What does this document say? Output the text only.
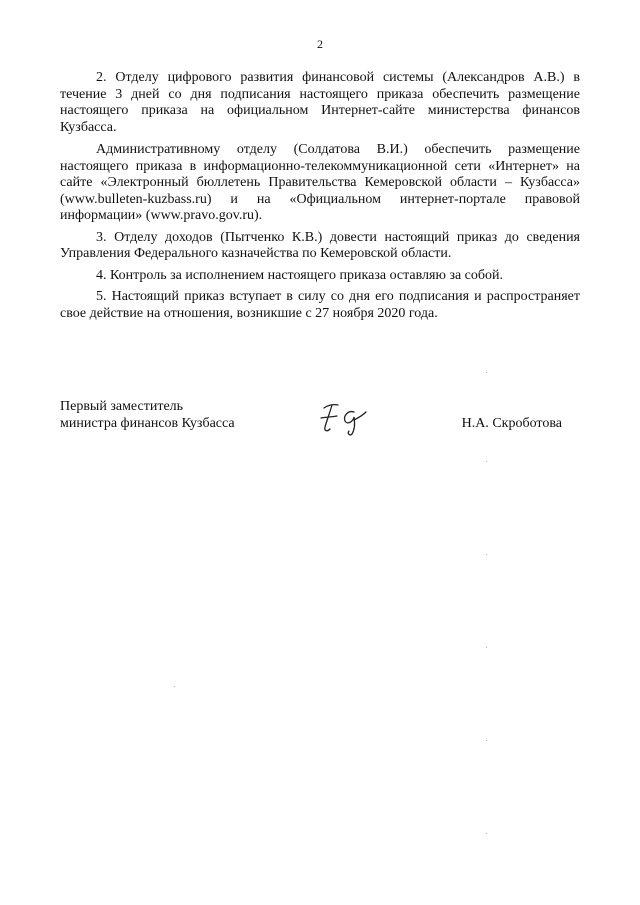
2

2. Отделу цифрового развития финансовой системы (Александров А.В.) в течение 3 дней со дня подписания настоящего приказа обеспечить размещение настоящего приказа на официальном Интернет-сайте министерства финансов Кузбасса.

Административному отделу (Солдатова В.И.) обеспечить размещение настоящего приказа в информационно-телекоммуникационной сети «Интернет» на сайте «Электронный бюллетень Правительства Кемеровской области – Кузбасса» (www.bulleten-kuzbass.ru) и на «Официальном интернет-портале правовой информации» (www.pravo.gov.ru).

3. Отделу доходов (Пытченко К.В.) довести настоящий приказ до сведения Управления Федерального казначейства по Кемеровской области.

4. Контроль за исполнением настоящего приказа оставляю за собой.

5. Настоящий приказ вступает в силу со дня его подписания и распространяет свое действие на отношения, возникшие с 27 ноября 2020 года.

Первый заместитель
министра финансов Кузбасса	Н.А. Скроботова
